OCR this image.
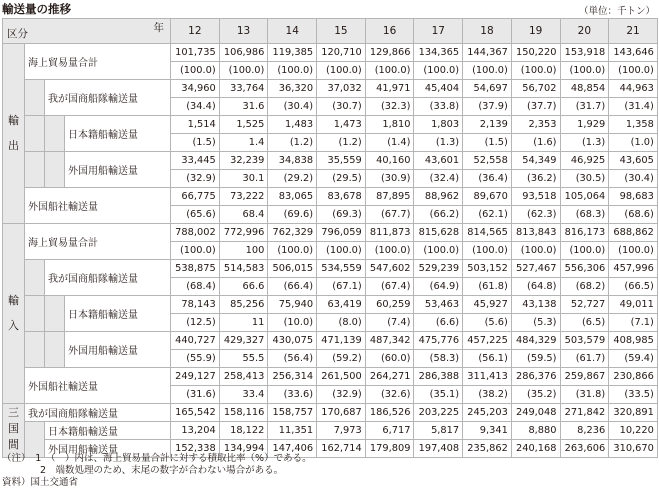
輸送量の推移	（単位：千トン）
区分 年				12	13	14	15	16	17	18	19	20	21
輸出	海上貿易量合計			101,735	106,986	119,385	120,710	129,866	134,365	144,367	150,220	153,918	143,646
				(100.0)	(100.0)	(100.0)	(100.0)	(100.0)	(100.0)	(100.0)	(100.0)	(100.0)	(100.0)
		我が国商船隊輸送量		34,960	33,764	36,320	37,032	41,971	45,404	54,697	56,702	48,854	44,963
				(34.4)	31.6	(30.4)	(30.7)	(32.3)	(33.8)	(37.9)	(37.7)	(31.7)	(31.4)
			日本籍船輸送量	1,514	1,525	1,483	1,473	1,810	1,803	2,139	2,353	1,929	1,358
				(1.5)	1.4	(1.2)	(1.2)	(1.4)	(1.3)	(1.5)	(1.6)	(1.3)	(1.0)
			外国用船輸送量	33,445	32,239	34,838	35,559	40,160	43,601	52,558	54,349	46,925	43,605
				(32.9)	30.1	(29.2)	(29.5)	(30.9)	(32.4)	(36.4)	(36.2)	(30.5)	(30.4)
	外国船社輸送量			66,775	73,222	83,065	83,678	87,895	88,962	89,670	93,518	105,064	98,683
				(65.6)	68.4	(69.6)	(69.3)	(67.7)	(66.2)	(62.1)	(62.3)	(68.3)	(68.6)
輸入	海上貿易量合計			788,002	772,996	762,329	796,059	811,873	815,628	814,565	813,843	816,173	688,862
				(100.0)	100	(100.0)	(100.0)	(100.0)	(100.0)	(100.0)	(100.0)	(100.0)	(100.0)
		我が国商船隊輸送量		538,875	514,583	506,015	534,559	547,602	529,239	503,152	527,467	556,306	457,996
				(68.4)	66.6	(66.4)	(67.1)	(67.4)	(64.9)	(61.8)	(64.8)	(68.2)	(66.5)
			日本籍船輸送量	78,143	85,256	75,940	63,419	60,259	53,463	45,927	43,138	52,727	49,011
				(12.5)	11	(10.0)	(8.0)	(7.4)	(6.6)	(5.6)	(5.3)	(6.5)	(7.1)
			外国用船輸送量	440,727	429,327	430,075	471,139	487,342	475,776	457,225	484,329	503,579	408,985
				(55.9)	55.5	(56.4)	(59.2)	(60.0)	(58.3)	(56.1)	(59.5)	(61.7)	(59.4)
	外国船社輸送量			249,127	258,413	256,314	261,500	264,271	286,388	311,413	286,376	259,867	230,866
				(31.6)	33.4	(33.6)	(32.9)	(32.6)	(35.1)	(38.2)	(35.2)	(31.8)	(33.5)
三国間	我が国商船隊輸送量			165,542	158,116	158,757	170,687	186,526	203,225	245,203	249,048	271,842	320,891
		日本籍船輸送量		13,204	18,122	11,351	7,973	6,717	5,817	9,341	8,880	8,236	10,220
		外国用船輸送量		152,338	134,994	147,406	162,714	179,809	197,408	235,862	240,168	263,606	310,670
（注）　1　（　）内は、海上貿易量合計に対する積取比率（%）である。
　　　　2　端数処理のため、末尾の数字が合わない場合がある。
資料）国土交通省
